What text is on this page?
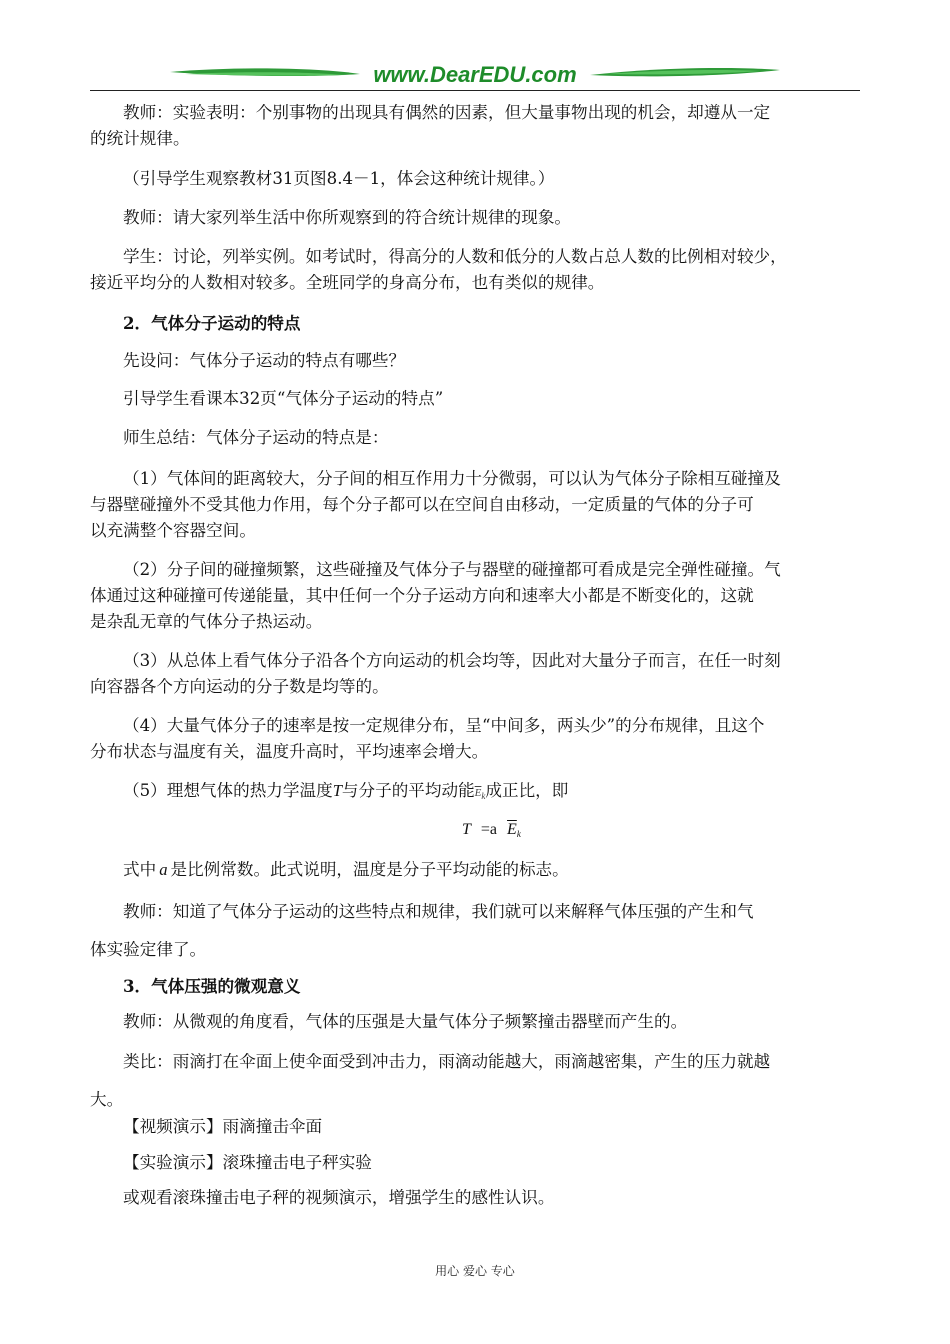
www.DearEDU.com
教师：实验表明：个别事物的出现具有偶然的因素，但大量事物出现的机会，却遵从一定
的统计规律。
（引导学生观察教材31页图8.4－1，体会这种统计规律。）
教师：请大家列举生活中你所观察到的符合统计规律的现象。
学生：讨论，列举实例。如考试时，得高分的人数和低分的人数占总人数的比例相对较少，
接近平均分的人数相对较多。全班同学的身高分布，也有类似的规律。
2．气体分子运动的特点
先设问：气体分子运动的特点有哪些？
引导学生看课本32页“气体分子运动的特点”
师生总结：气体分子运动的特点是：
（1）气体间的距离较大，分子间的相互作用力十分微弱，可以认为气体分子除相互碰撞及
与器壁碰撞外不受其他力作用，每个分子都可以在空间自由移动，一定质量的气体的分子可
以充满整个容器空间。
（2）分子间的碰撞频繁，这些碰撞及气体分子与器壁的碰撞都可看成是完全弹性碰撞。气
体通过这种碰撞可传递能量，其中任何一个分子运动方向和速率大小都是不断变化的，这就
是杂乱无章的气体分子热运动。
（3）从总体上看气体分子沿各个方向运动的机会均等，因此对大量分子而言，在任一时刻
向容器各个方向运动的分子数是均等的。
（4）大量气体分子的速率是按一定规律分布，呈“中间多，两头少”的分布规律，且这个
分布状态与温度有关，温度升高时，平均速率会增大。
（5）理想气体的热力学温度T与分子的平均动能$\overline{E}_k$成正比，即
T =a $\overline{E}_k$
式中 a 是比例常数。此式说明，温度是分子平均动能的标志。
教师：知道了气体分子运动的这些特点和规律，我们就可以来解释气体压强的产生和气
体实验定律了。
3．气体压强的微观意义
教师：从微观的角度看，气体的压强是大量气体分子频繁撞击器壁而产生的。
类比：雨滴打在伞面上使伞面受到冲击力，雨滴动能越大，雨滴越密集，产生的压力就越
大。
【视频演示】雨滴撞击伞面
【实验演示】滚珠撞击电子秤实验
或观看滚珠撞击电子秤的视频演示，增强学生的感性认识。
用心 爱心 专心
